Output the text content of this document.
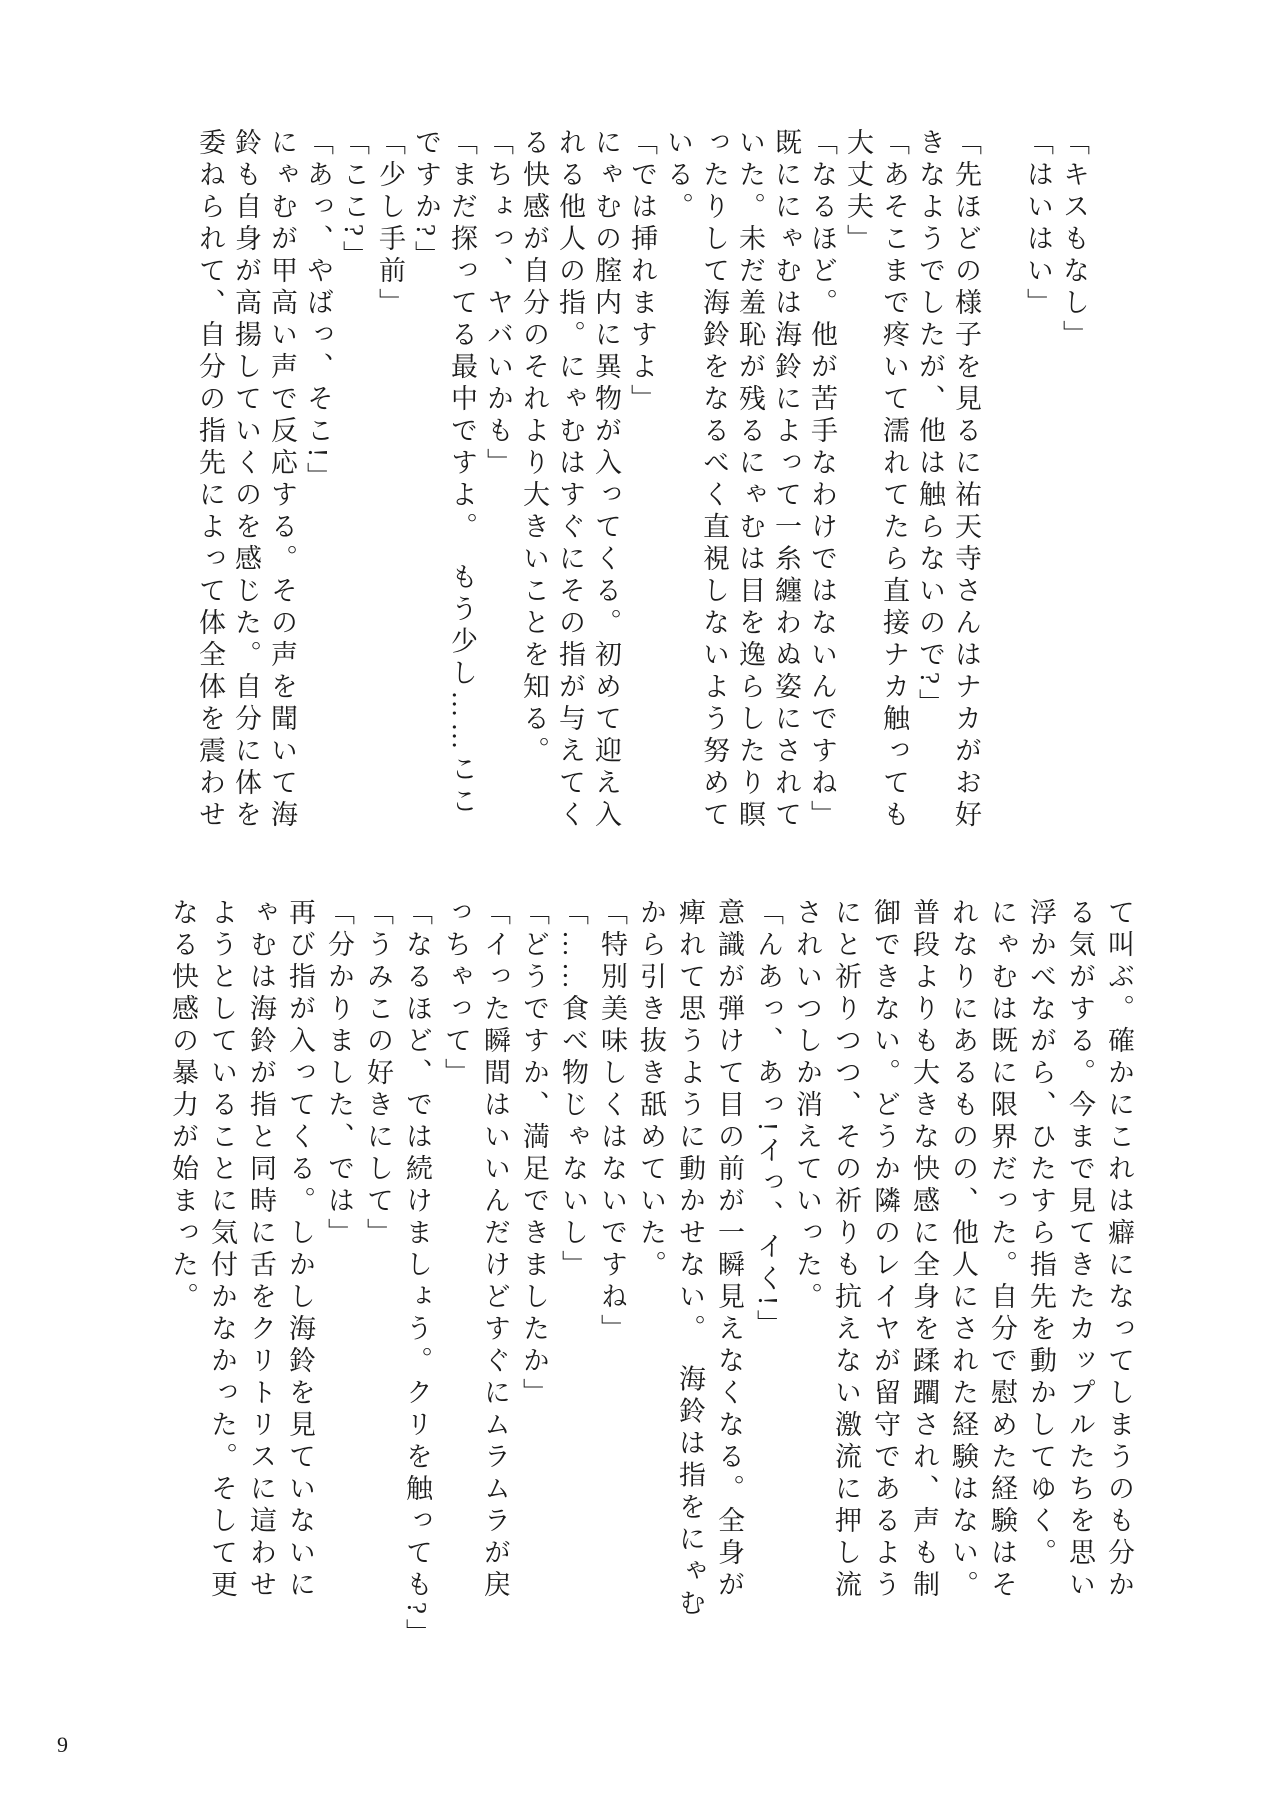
「キスもなし」

「はいはい」

「先ほどの様子を見るに祐天寺さんはナカがお好

きなようでしたが、他は触らないので?」

「あそこまで疼いて濡れてたら直接ナカ触っても

大丈夫」

「なるほど。他が苦手なわけではないんですね」

既ににゃむは海鈴によって一糸纏わぬ姿にされて

いた。未だ羞恥が残るにゃむは目を逸らしたり瞑

ったりして海鈴をなるべく直視しないよう努めて

いる。

「では挿れますよ」

にゃむの腟内に異物が入ってくる。初めて迎え入

れる他人の指。にゃむはすぐにその指が与えてく

る快感が自分のそれより大きいことを知る。

「ちょっ、ヤバいかも」

「まだ探ってる最中ですよ。　もう少し……ここ

ですか?」

「少し手前」

「ここ?」

「あっ、やばっ、そこ!」

にゃむが甲高い声で反応する。その声を聞いて海

鈴も自身が高揚していくのを感じた。自分に体を

委ねられて、自分の指先によって体全体を震わせ

て叫ぶ。確かにこれは癖になってしまうのも分か

る気がする。今まで見てきたカップルたちを思い

浮かべながら、ひたすら指先を動かしてゆく。

にゃむは既に限界だった。自分で慰めた経験はそ

れなりにあるものの、他人にされた経験はない。

普段よりも大きな快感に全身を蹂躙され、声も制

御できない。どうか隣のレイヤが留守であるよう

にと祈りつつ、その祈りも抗えない激流に押し流

されいつしか消えていった。

「んあっ、あっ!イっ、イく!」

意識が弾けて目の前が一瞬見えなくなる。全身が

痺れて思うように動かせない。　海鈴は指をにゃむ

から引き抜き舐めていた。

「特別美味しくはないですね」

「……食べ物じゃないし」

「どうですか、満足できましたか」

「イった瞬間はいいんだけどすぐにムラムラが戻

っちゃって」

「なるほど、では続けましょう。クリを触っても?」

「うみこの好きにして」

「分かりました、では」

再び指が入ってくる。しかし海鈴を見ていないに

ゃむは海鈴が指と同時に舌をクリトリスに這わせ

ようとしていることに気付かなかった。そして更

なる快感の暴力が始まった。

9
